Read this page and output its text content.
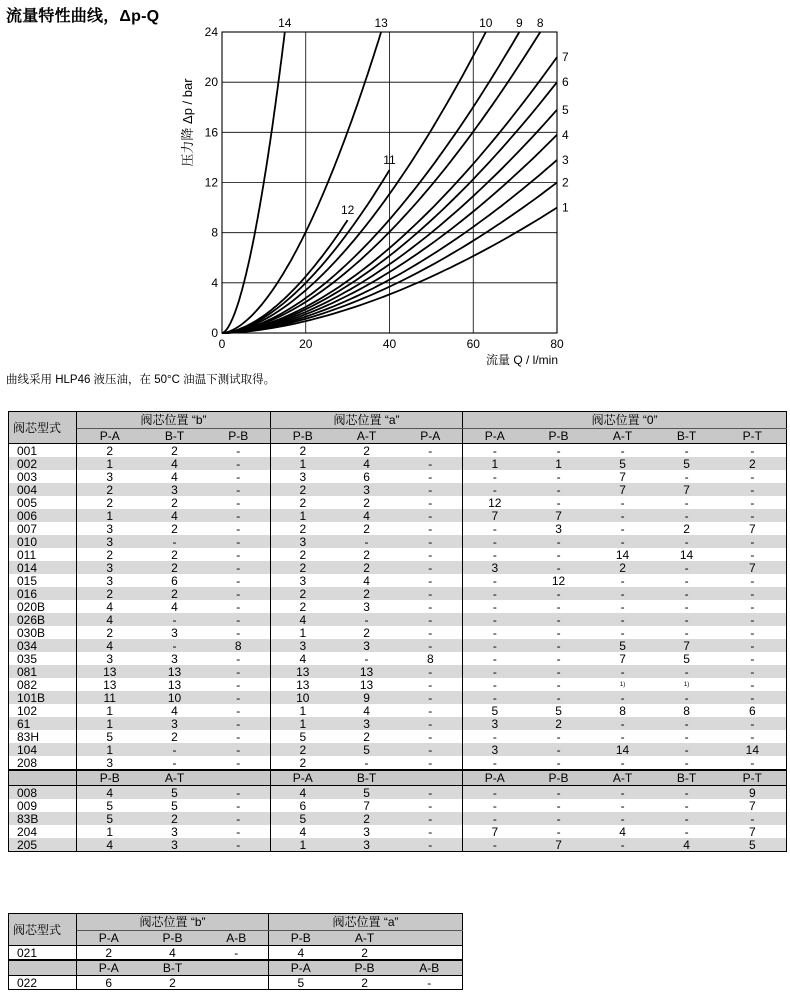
流量特性曲线，Δp-Q
0	20	40	60	80
0
4
8
12
16
20
24
1
2
3
4
5
6
7
8
9
10
11
12
13
14
压力降 Δp / bar
流量 Q / l/min
曲线采用 HLP46 液压油，在 50°C 油温下测试取得。
阀芯型式	阀芯位置 “b”			阀芯位置 “a”			阀芯位置 “0”				
	P-A	B-T	P-B	P-B	A-T	P-A	P-A	P-B	A-T	B-T	P-T
001	2	2	-	2	2	-	-	-	-	-	-
002	1	4	-	1	4	-	1	1	5	5	2
003	3	4	-	3	6	-	-	-	7	-	-
004	2	3	-	2	3	-	-	-	7	7	-
005	2	2	-	2	2	-	12	-	-	-	-
006	1	4	-	1	4	-	7	7	-	-	-
007	3	2	-	2	2	-	-	3	-	2	7
010	3	-	-	3	-	-	-	-	-	-	-
011	2	2	-	2	2	-	-	-	14	14	-
014	3	2	-	2	2	-	3	-	2	-	7
015	3	6	-	3	4	-	-	12	-	-	-
016	2	2	-	2	2	-	-	-	-	-	-
020B	4	4	-	2	3	-	-	-	-	-	-
026B	4	-	-	4	-	-	-	-	-	-	-
030B	2	3	-	1	2	-	-	-	-	-	-
034	4	-	8	3	3	-	-	-	5	7	-
035	3	3	-	4	-	8	-	-	7	5	-
081	13	13	-	13	13	-	-	-	-	-	-
082	13	13	-	13	13	-	-	-	1)	1)	-
101B	11	10	-	10	9	-	-	-	-	-	-
102	1	4	-	1	4	-	5	5	8	8	6
61	1	3	-	1	3	-	3	2	-	-	-
83H	5	2	-	5	2	-	-	-	-	-	-
104	1	-	-	2	5	-	3	-	14	-	14
208	3	-	-	2	-	-	-	-	-	-	-
	P-B	A-T		P-A	B-T		P-A	P-B	A-T	B-T	P-T
008	4	5	-	4	5	-	-	-	-	-	9
009	5	5	-	6	7	-	-	-	-	-	7
83B	5	2	-	5	2	-	-	-	-	-	-
204	1	3	-	4	3	-	7	-	4	-	7
205	4	3	-	1	3	-	-	7	-	4	5
阀芯型式	阀芯位置 “b”			阀芯位置 “a”		
	P-A	P-B	A-B	P-B	A-T	
021	2	4	-	4	2	
	P-A	B-T		P-A	P-B	A-B
022	6	2		5	2	-
